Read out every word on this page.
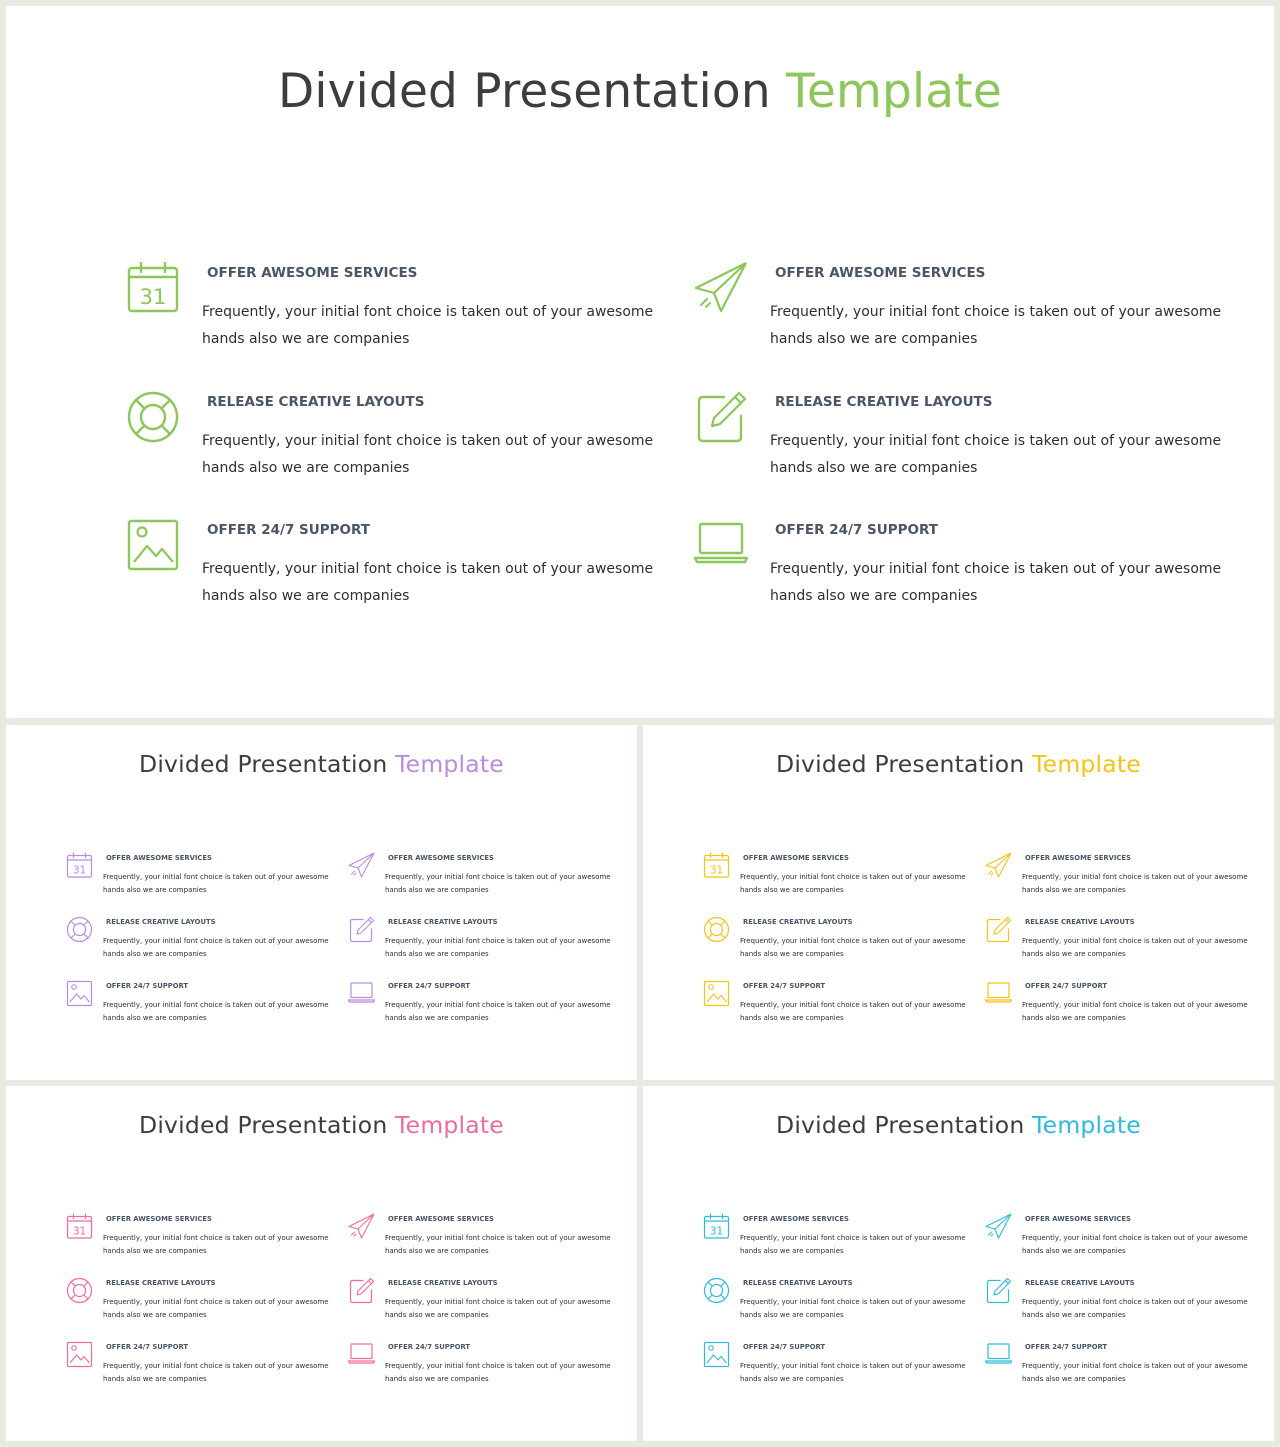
Divided Presentation Template
31
OFFER AWESOME SERVICES
Frequently, your initial font choice is taken out of your awesome
hands also we are companies
RELEASE CREATIVE LAYOUTS
Frequently, your initial font choice is taken out of your awesome
hands also we are companies
OFFER 24/7 SUPPORT
Frequently, your initial font choice is taken out of your awesome
hands also we are companies
OFFER AWESOME SERVICES
Frequently, your initial font choice is taken out of your awesome
hands also we are companies
RELEASE CREATIVE LAYOUTS
Frequently, your initial font choice is taken out of your awesome
hands also we are companies
OFFER 24/7 SUPPORT
Frequently, your initial font choice is taken out of your awesome
hands also we are companies
Divided Presentation Template
31
OFFER AWESOME SERVICES
Frequently, your initial font choice is taken out of your awesome
hands also we are companies
RELEASE CREATIVE LAYOUTS
Frequently, your initial font choice is taken out of your awesome
hands also we are companies
OFFER 24/7 SUPPORT
Frequently, your initial font choice is taken out of your awesome
hands also we are companies
OFFER AWESOME SERVICES
Frequently, your initial font choice is taken out of your awesome
hands also we are companies
RELEASE CREATIVE LAYOUTS
Frequently, your initial font choice is taken out of your awesome
hands also we are companies
OFFER 24/7 SUPPORT
Frequently, your initial font choice is taken out of your awesome
hands also we are companies
Divided Presentation Template
31
OFFER AWESOME SERVICES
Frequently, your initial font choice is taken out of your awesome
hands also we are companies
RELEASE CREATIVE LAYOUTS
Frequently, your initial font choice is taken out of your awesome
hands also we are companies
OFFER 24/7 SUPPORT
Frequently, your initial font choice is taken out of your awesome
hands also we are companies
OFFER AWESOME SERVICES
Frequently, your initial font choice is taken out of your awesome
hands also we are companies
RELEASE CREATIVE LAYOUTS
Frequently, your initial font choice is taken out of your awesome
hands also we are companies
OFFER 24/7 SUPPORT
Frequently, your initial font choice is taken out of your awesome
hands also we are companies
Divided Presentation Template
31
OFFER AWESOME SERVICES
Frequently, your initial font choice is taken out of your awesome
hands also we are companies
RELEASE CREATIVE LAYOUTS
Frequently, your initial font choice is taken out of your awesome
hands also we are companies
OFFER 24/7 SUPPORT
Frequently, your initial font choice is taken out of your awesome
hands also we are companies
OFFER AWESOME SERVICES
Frequently, your initial font choice is taken out of your awesome
hands also we are companies
RELEASE CREATIVE LAYOUTS
Frequently, your initial font choice is taken out of your awesome
hands also we are companies
OFFER 24/7 SUPPORT
Frequently, your initial font choice is taken out of your awesome
hands also we are companies
Divided Presentation Template
31
OFFER AWESOME SERVICES
Frequently, your initial font choice is taken out of your awesome
hands also we are companies
RELEASE CREATIVE LAYOUTS
Frequently, your initial font choice is taken out of your awesome
hands also we are companies
OFFER 24/7 SUPPORT
Frequently, your initial font choice is taken out of your awesome
hands also we are companies
OFFER AWESOME SERVICES
Frequently, your initial font choice is taken out of your awesome
hands also we are companies
RELEASE CREATIVE LAYOUTS
Frequently, your initial font choice is taken out of your awesome
hands also we are companies
OFFER 24/7 SUPPORT
Frequently, your initial font choice is taken out of your awesome
hands also we are companies
